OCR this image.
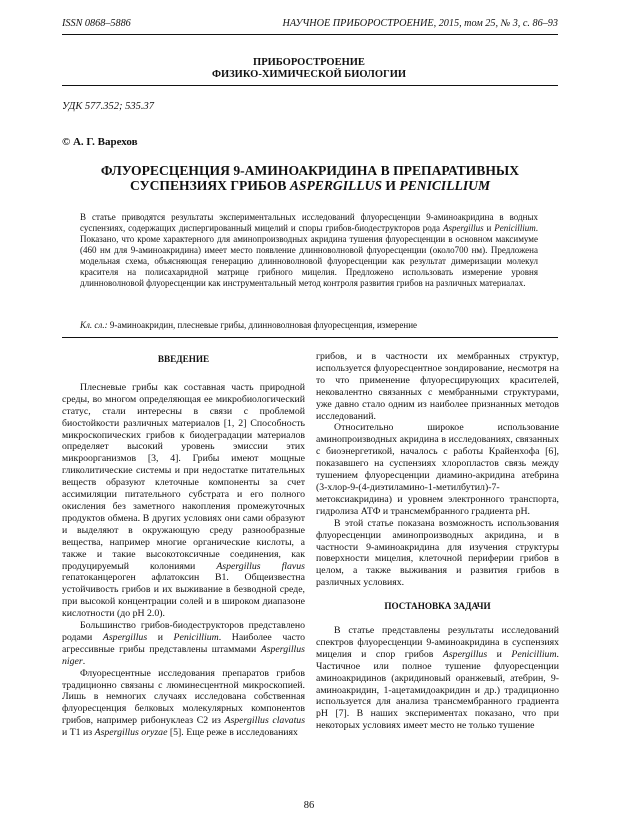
ISSN 0868–5886	НАУЧНОЕ ПРИБОРОСТРОЕНИЕ, 2015, том 25, № 3, c. 86–93
ПРИБОРОСТРОЕНИЕ
ФИЗИКО-ХИМИЧЕСКОЙ БИОЛОГИИ
УДК 577.352; 535.37
© А. Г. Варехов
ФЛУОРЕСЦЕНЦИЯ 9-АМИНОАКРИДИНА В ПРЕПАРАТИВНЫХ
СУСПЕНЗИЯХ ГРИБОВ ASPERGILLUS И PENICILLIUM
В статье приводятся результаты экспериментальных исследований флуоресценции 9-аминоакридина в водных суспензиях, содержащих диспергированный мицелий и споры грибов-биодеструкторов рода Aspergillus и Penicillium. Показано, что кроме характерного для аминопроизводных акридина тушения флуоресценции в основном максимуме (460 нм для 9-аминоакридина) имеет место появление длинноволновой флуоресценции (около700 нм). Предложена модельная схема, объясняющая генерацию длинноволновой флуоресценции как результат димеризации молекул красителя на полисахаридной матрице грибного мицелия. Предложено использовать измерение уровня длинноволновой флуоресценции как инструментальный метод контроля развития грибов на различных материалах.
Кл. сл.: 9-аминоакридин, плесневые грибы, длинноволновая флуоресценция, измерение
ВВЕДЕНИЕ

Плесневые грибы как составная часть природной среды, во многом определяющая ее микробиологический статус, стали интересны в связи с проблемой биостойкости различных материалов [1, 2] Способность микроскопических грибов к биодеградации материалов определяет высокий уровень эмиссии этих микроорганизмов [3, 4]. Грибы имеют мощные гликолитические системы и при недостатке питательных веществ образуют клеточные компоненты за счет ассимиляции питательного субстрата и его полного окисления без заметного накопления промежуточных продуктов обмена. В других условиях они сами образуют и выделяют в окружающую среду разнообразные вещества, например многие органические кислоты, а также и такие высокотоксичные соединения, как продуцируемый колониями Aspergillus flavus гепатоканцероген афлатоксин В1. Общеизвестна устойчивость грибов и их выживание в безводной среде, при высокой концентрации солей и в широком диапазоне кислотности (до рН 2.0).

Большинство грибов-биодеструкторов представлено родами Aspergillus и Penicillium. Наиболее часто агрессивные грибы представлены штаммами Aspergillus niger.

Флуоресцентные исследования препаратов грибов традиционно связаны с люминесцентной микроскопией. Лишь в немногих случаях исследована собственная флуоресценция белковых молекулярных компонентов грибов, например рибонуклеаз С2 из Aspergillus clavatus и Т1 из Aspergillus oryzae [5]. Еще реже в исследованиях

грибов, и в частности их мембранных структур, используется флуоресцентное зондирование, несмотря на то что применение флуоресцирующих красителей, нековалентно связанных с мембранными структурами, уже давно стало одним из наиболее признанных методов исследований.

Относительно широкое использование аминопроизводных акридина в исследованиях, связанных с биоэнергетикой, началось с работы Крайенхофа [6], показавшего на суспензиях хлоропластов связь между тушением флуоресценции диамино-акридина атебрина (3-хлор-9-(4-диэтиламино-1-метилбутил)-7-метоксиакридина) и уровнем электронного транспорта, гидролиза АТФ и трансмембранного градиента рН.

В этой статье показана возможность использования флуоресценции аминопроизводных акридина, и в частности 9-аминоакридина для изучения структуры поверхности мицелия, клеточной периферии грибов в целом, а также выживания и развития грибов в различных условиях.

ПОСТАНОВКА ЗАДАЧИ

В статье представлены результаты исследований спектров флуоресценции 9-аминоакридина в суспензиях мицелия и спор грибов Aspergillus и Penicillium. Частичное или полное тушение флуоресценции аминоакридинов (акридиновый оранжевый, атебрин, 9-аминоакридин, 1-ацетамидоакридин и др.) традиционно используется для анализа трансмембранного градиента рН [7]. В наших экспериментах показано, что при некоторых условиях имеет место не только тушение

86
